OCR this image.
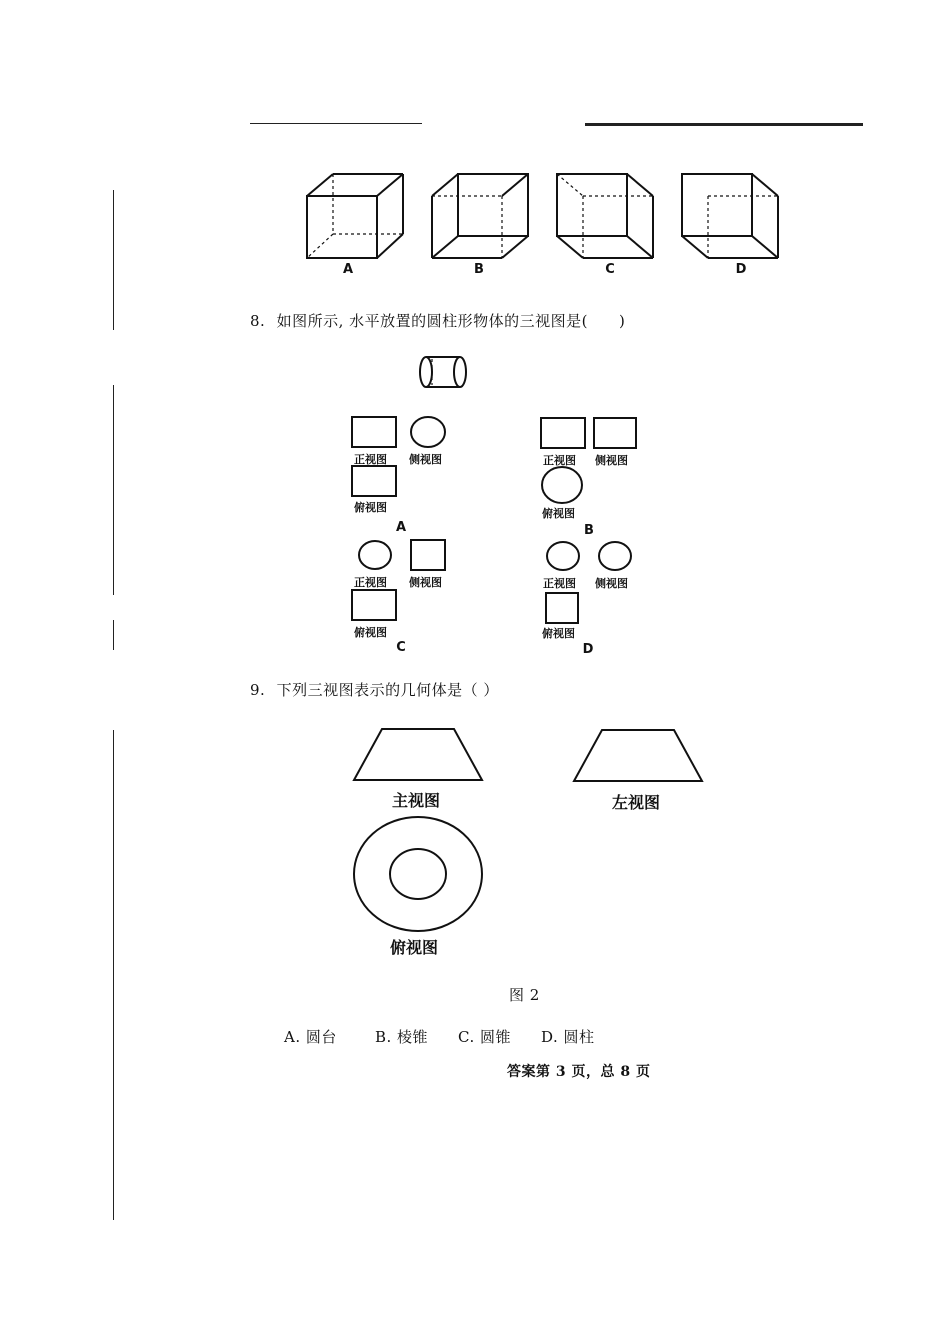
A	B	C	D
8. 如图所示, 水平放置的圆柱形物体的三视图是(　　)
正视图 侧视图
俯视图
A
正视图 侧视图
俯视图
B
正视图 侧视图
俯视图
C
正视图 侧视图
俯视图
D
9. 下列三视图表示的几何体是（ ）
主视图	左视图
俯视图
图 2
A. 圆台	B. 棱锥 C. 圆锥 D. 圆柱
答案第 3 页，总 8 页
